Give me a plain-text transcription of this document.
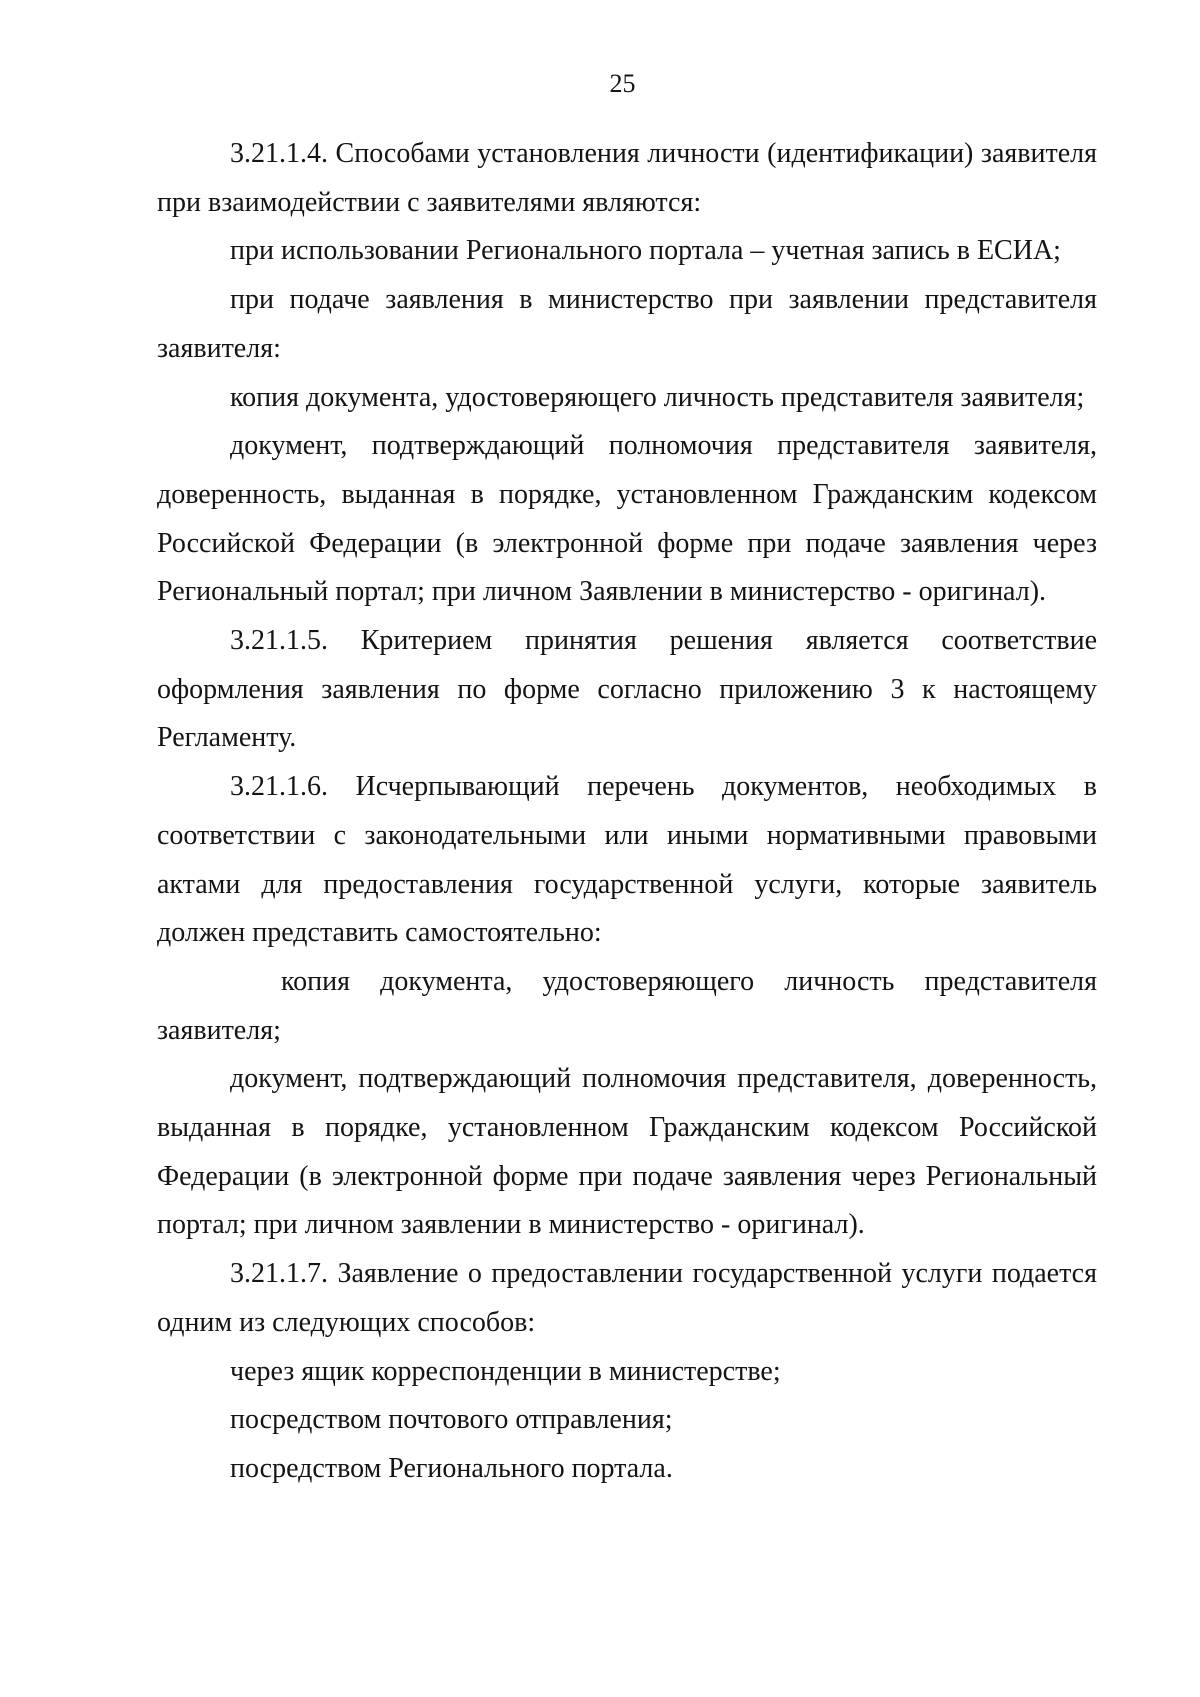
25

3.21.1.4. Способами установления личности (идентификации) заявителя при взаимодействии с заявителями являются:

при использовании Регионального портала – учетная запись в ЕСИА;

при подаче заявления в министерство при заявлении представителя заявителя:

копия документа, удостоверяющего личность представителя заявителя;

документ, подтверждающий полномочия представителя заявителя, доверенность, выданная в порядке, установленном Гражданским кодексом Российской Федерации (в электронной форме при подаче заявления через Региональный портал; при личном Заявлении в министерство - оригинал).

3.21.1.5. Критерием принятия решения является соответствие оформления заявления по форме согласно приложению 3 к настоящему Регламенту.

3.21.1.6. Исчерпывающий перечень документов, необходимых в соответствии с законодательными или иными нормативными правовыми актами для предоставления государственной услуги, которые заявитель должен представить самостоятельно:

копия документа, удостоверяющего личность представителя заявителя;

документ, подтверждающий полномочия представителя, доверенность, выданная в порядке, установленном Гражданским кодексом Российской Федерации (в электронной форме при подаче заявления через Региональный портал; при личном заявлении в министерство - оригинал).

3.21.1.7. Заявление о предоставлении государственной услуги подается одним из следующих способов:

через ящик корреспонденции в министерстве;

посредством почтового отправления;

посредством Регионального портала.
